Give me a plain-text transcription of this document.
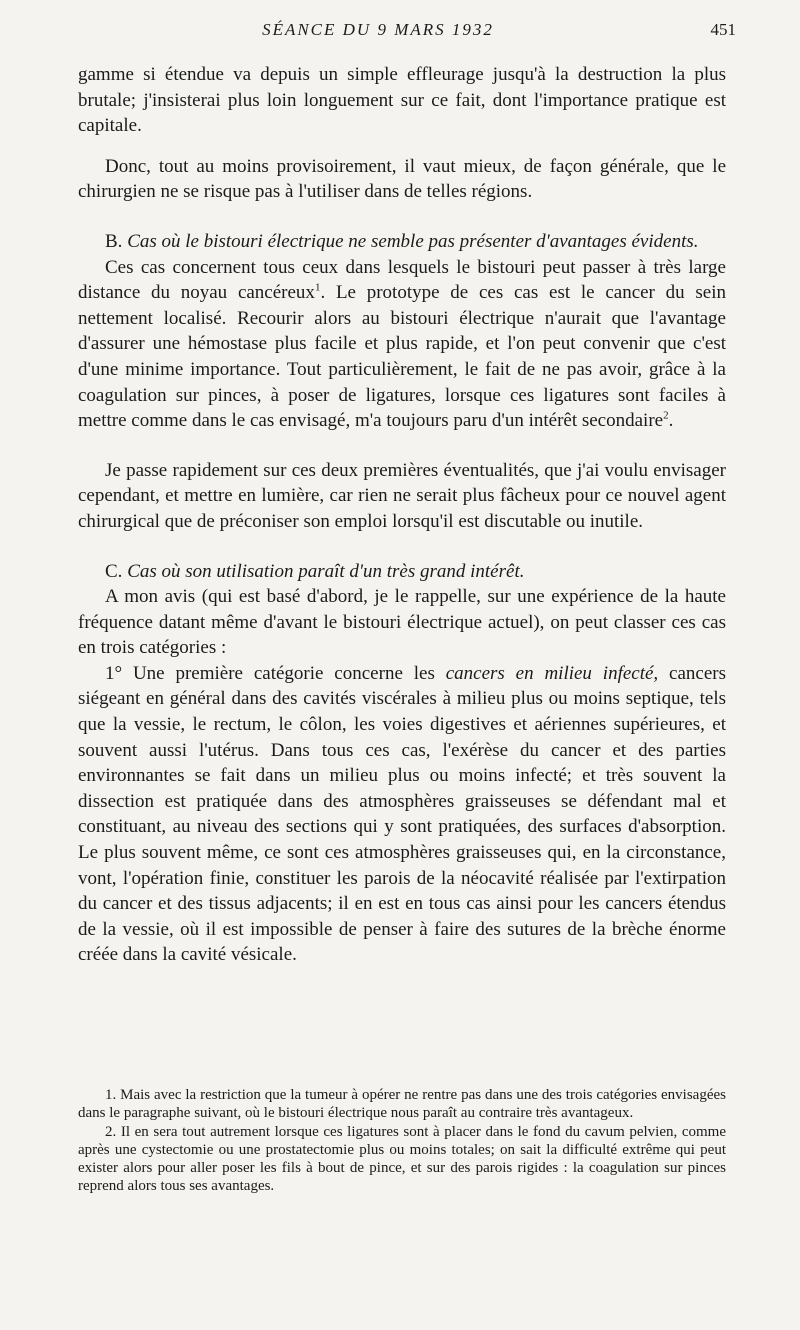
SÉANCE DU 9 MARS 1932	451

gamme si étendue va depuis un simple effleurage jusqu'à la destruction la plus brutale; j'insisterai plus loin longuement sur ce fait, dont l'importance pratique est capitale.

Donc, tout au moins provisoirement, il vaut mieux, de façon générale, que le chirurgien ne se risque pas à l'utiliser dans de telles régions.

B. Cas où le bistouri électrique ne semble pas présenter d'avantages évidents.

Ces cas concernent tous ceux dans lesquels le bistouri peut passer à très large distance du noyau cancéreux$^1$. Le prototype de ces cas est le cancer du sein nettement localisé. Recourir alors au bistouri électrique n'aurait que l'avantage d'assurer une hémostase plus facile et plus rapide, et l'on peut convenir que c'est d'une minime importance. Tout particulièrement, le fait de ne pas avoir, grâce à la coagulation sur pinces, à poser de ligatures, lorsque ces ligatures sont faciles à mettre comme dans le cas envisagé, m'a toujours paru d'un intérêt secondaire$^2$.

Je passe rapidement sur ces deux premières éventualités, que j'ai voulu envisager cependant, et mettre en lumière, car rien ne serait plus fâcheux pour ce nouvel agent chirurgical que de préconiser son emploi lorsqu'il est discutable ou inutile.

C. Cas où son utilisation paraît d'un très grand intérêt.

A mon avis (qui est basé d'abord, je le rappelle, sur une expérience de la haute fréquence datant même d'avant le bistouri électrique actuel), on peut classer ces cas en trois catégories :

1° Une première catégorie concerne les cancers en milieu infecté, cancers siégeant en général dans des cavités viscérales à milieu plus ou moins septique, tels que la vessie, le rectum, le côlon, les voies digestives et aériennes supérieures, et souvent aussi l'utérus. Dans tous ces cas, l'exérèse du cancer et des parties environnantes se fait dans un milieu plus ou moins infecté; et très souvent la dissection est pratiquée dans des atmosphères graisseuses se défendant mal et constituant, au niveau des sections qui y sont pratiquées, des surfaces d'absorption. Le plus souvent même, ce sont ces atmosphères graisseuses qui, en la circonstance, vont, l'opération finie, constituer les parois de la néocavité réalisée par l'extirpation du cancer et des tissus adjacents; il en est en tous cas ainsi pour les cancers étendus de la vessie, où il est impossible de penser à faire des sutures de la brèche énorme créée dans la cavité vésicale.

1. Mais avec la restriction que la tumeur à opérer ne rentre pas dans une des trois catégories envisagées dans le paragraphe suivant, où le bistouri électrique nous paraît au contraire très avantageux.

2. Il en sera tout autrement lorsque ces ligatures sont à placer dans le fond du cavum pelvien, comme après une cystectomie ou une prostatectomie plus ou moins totales; on sait la difficulté extrême qui peut exister alors pour aller poser les fils à bout de pince, et sur des parois rigides : la coagulation sur pinces reprend alors tous ses avantages.
